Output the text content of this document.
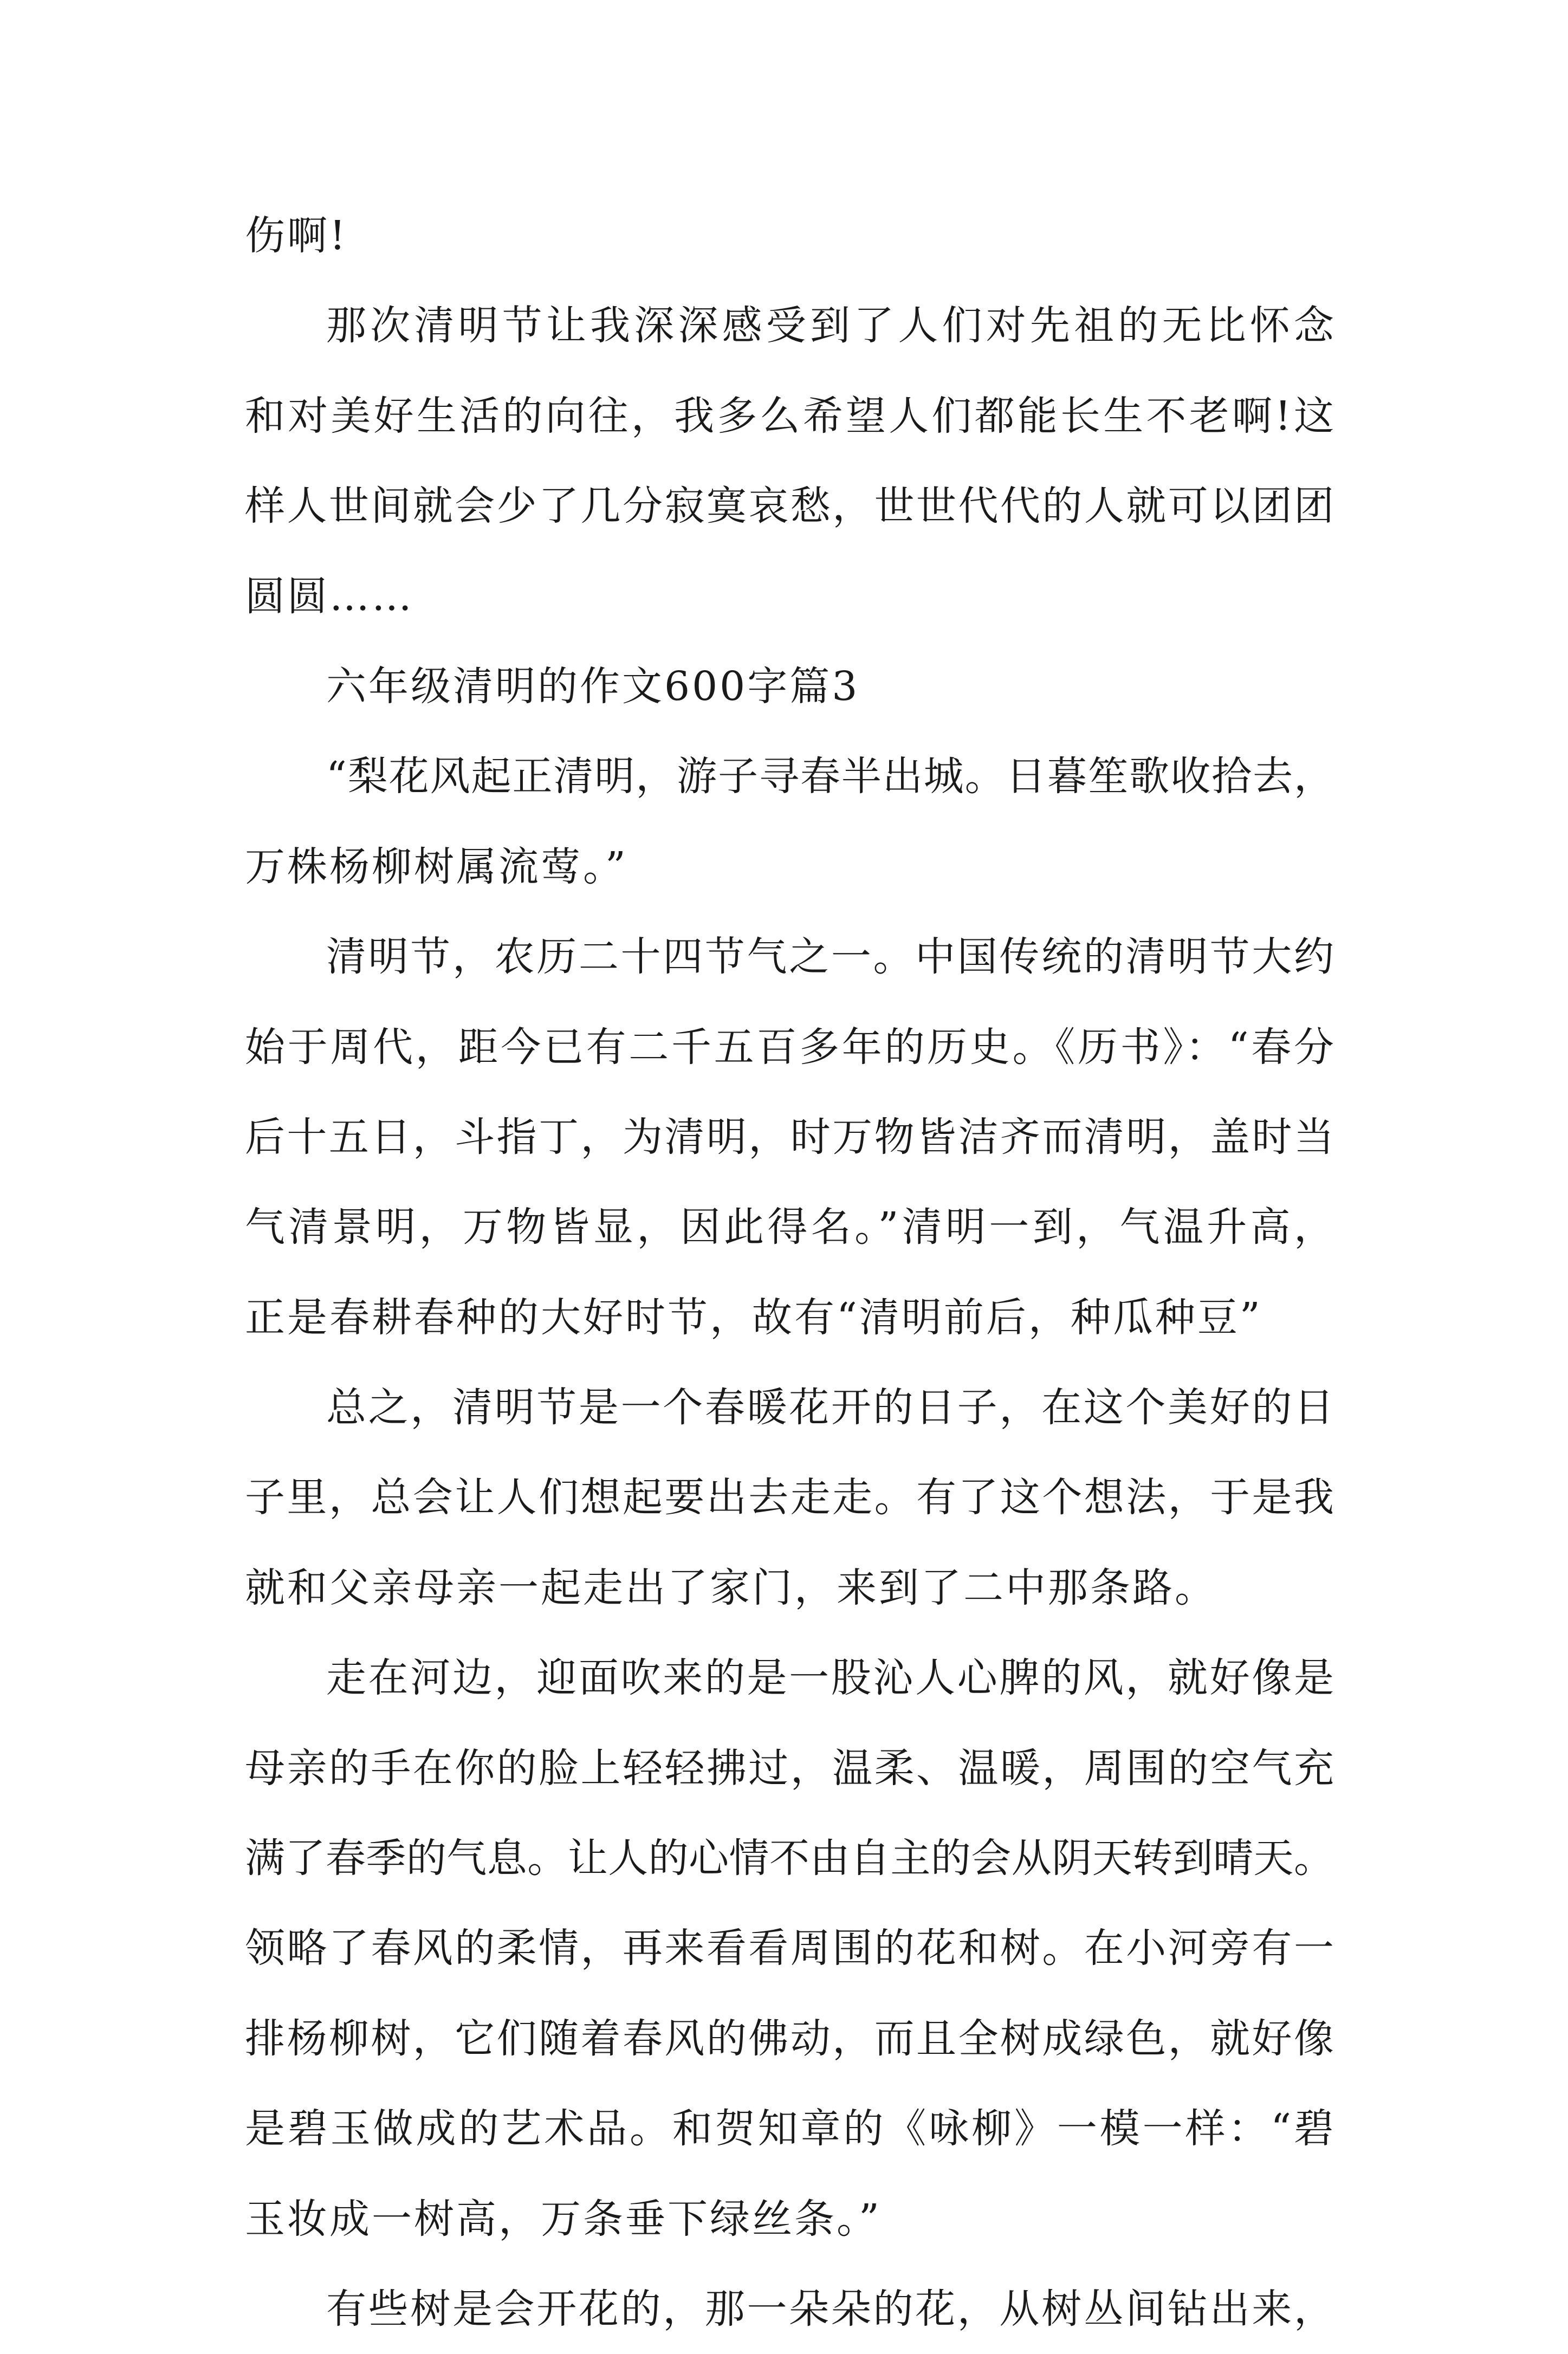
伤啊!
那次清明节让我深深感受到了人们对先祖的无比怀念
和对美好生活的向往，我多么希望人们都能长生不老啊!这
样人世间就会少了几分寂寞哀愁，世世代代的人就可以团团
圆圆……
六年级清明的作文600字篇3
“梨花风起正清明，游子寻春半出城。日暮笙歌收拾去，
万株杨柳树属流莺。”
清明节，农历二十四节气之一。中国传统的清明节大约
始于周代，距今已有二千五百多年的历史。《历书》：“春分
后十五日，斗指丁，为清明，时万物皆洁齐而清明，盖时当
气清景明，万物皆显，因此得名。”清明一到，气温升高，
正是春耕春种的大好时节，故有“清明前后，种瓜种豆”
总之，清明节是一个春暖花开的日子，在这个美好的日
子里，总会让人们想起要出去走走。有了这个想法，于是我
就和父亲母亲一起走出了家门，来到了二中那条路。
走在河边，迎面吹来的是一股沁人心脾的风，就好像是
母亲的手在你的脸上轻轻拂过，温柔、温暖，周围的空气充
满了春季的气息。让人的心情不由自主的会从阴天转到晴天。
领略了春风的柔情，再来看看周围的花和树。在小河旁有一
排杨柳树，它们随着春风的佛动，而且全树成绿色，就好像
是碧玉做成的艺术品。和贺知章的《咏柳》一模一样：“碧
玉妆成一树高，万条垂下绿丝条。”
有些树是会开花的，那一朵朵的花，从树丛间钻出来，
